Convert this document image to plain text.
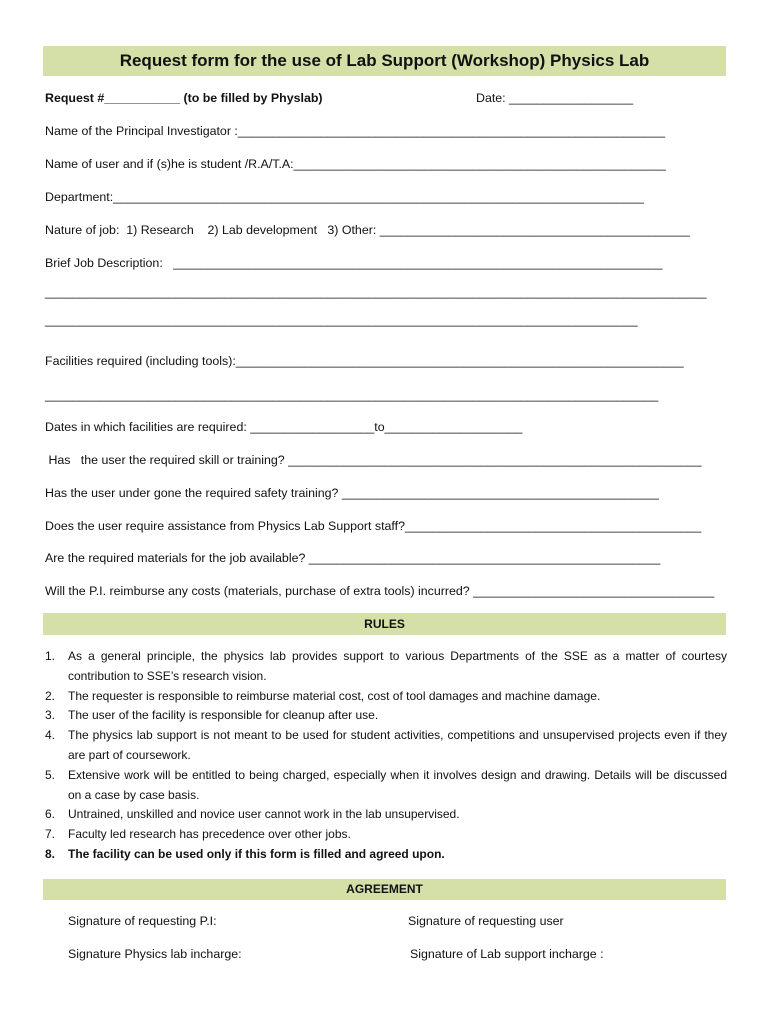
Request form for the use of Lab Support (Workshop) Physics Lab
Request #___________ (to be filled by Physlab)	Date: __________________
Name of the Principal Investigator :______________________________________________________________
Name of user and if (s)he is student /R.A/T.A:______________________________________________________
Department:_____________________________________________________________________________
Nature of job:  1) Research    2) Lab development   3) Other: _____________________________________________
Brief Job Description:   _______________________________________________________________________
________________________________________________________________________________________________
______________________________________________________________________________________
Facilities required (including tools):_________________________________________________________________
_________________________________________________________________________________________
Dates in which facilities are required: __________________to____________________
Has   the user the required skill or training? ____________________________________________________________
Has the user under gone the required safety training? ______________________________________________
Does the user require assistance from Physics Lab Support staff?___________________________________________
Are the required materials for the job available? ___________________________________________________
Will the P.I. reimburse any costs (materials, purchase of extra tools) incurred? ___________________________________
RULES
1. As a general principle, the physics lab provides support to various Departments of the SSE as a matter of courtesy contribution to SSE’s research vision.
2. The requester is responsible to reimburse material cost, cost of tool damages and machine damage.
3. The user of the facility is responsible for cleanup after use.
4. The physics lab support is not meant to be used for student activities, competitions and unsupervised projects even if they are part of coursework.
5. Extensive work will be entitled to being charged, especially when it involves design and drawing. Details will be discussed on a case by case basis.
6. Untrained, unskilled and novice user cannot work in the lab unsupervised.
7. Faculty led research has precedence over other jobs.
8. The facility can be used only if this form is filled and agreed upon.
AGREEMENT
Signature of requesting P.I:	Signature of requesting user
Signature Physics lab incharge:	Signature of Lab support incharge :
